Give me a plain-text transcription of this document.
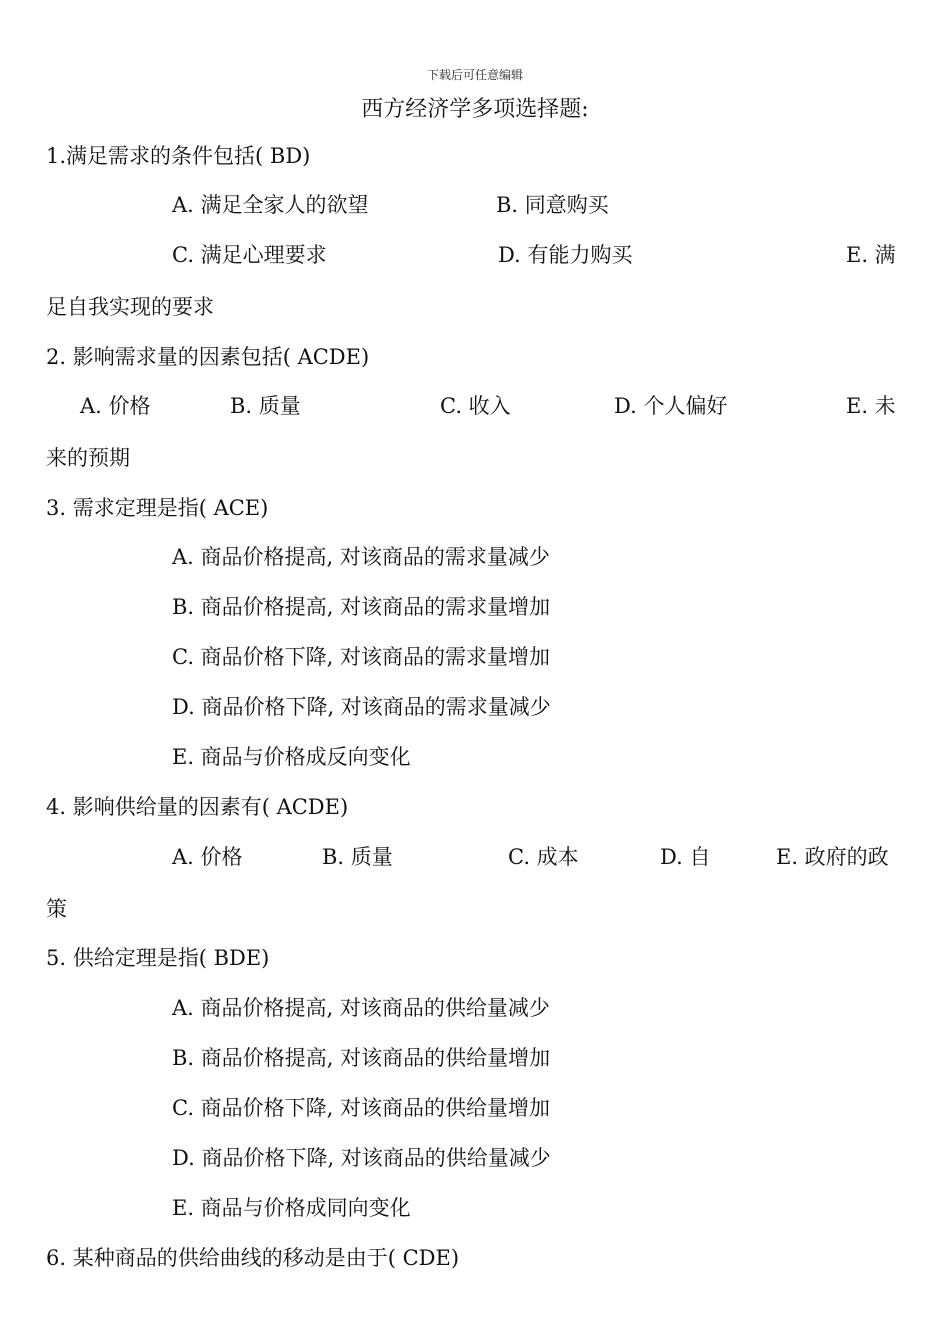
下载后可任意编辑
西方经济学多项选择题:
1.满足需求的条件包括( BD)
A. 满足全家人的欲望	B. 同意购买
C. 满足心理要求	D. 有能力购买	E. 满
足自我实现的要求
2. 影响需求量的因素包括( ACDE)
A. 价格	B. 质量	C. 收入	D. 个人偏好	E. 未
来的预期
3. 需求定理是指( ACE)
A. 商品价格提高, 对该商品的需求量减少
B. 商品价格提高, 对该商品的需求量增加
C. 商品价格下降, 对该商品的需求量增加
D. 商品价格下降, 对该商品的需求量减少
E. 商品与价格成反向变化
4. 影响供给量的因素有( ACDE)
A. 价格	B. 质量	C. 成本	D. 自	E. 政府的政
策
5. 供给定理是指( BDE)
A. 商品价格提高, 对该商品的供给量减少
B. 商品价格提高, 对该商品的供给量增加
C. 商品价格下降, 对该商品的供给量增加
D. 商品价格下降, 对该商品的供给量减少
E. 商品与价格成同向变化
6. 某种商品的供给曲线的移动是由于( CDE)
